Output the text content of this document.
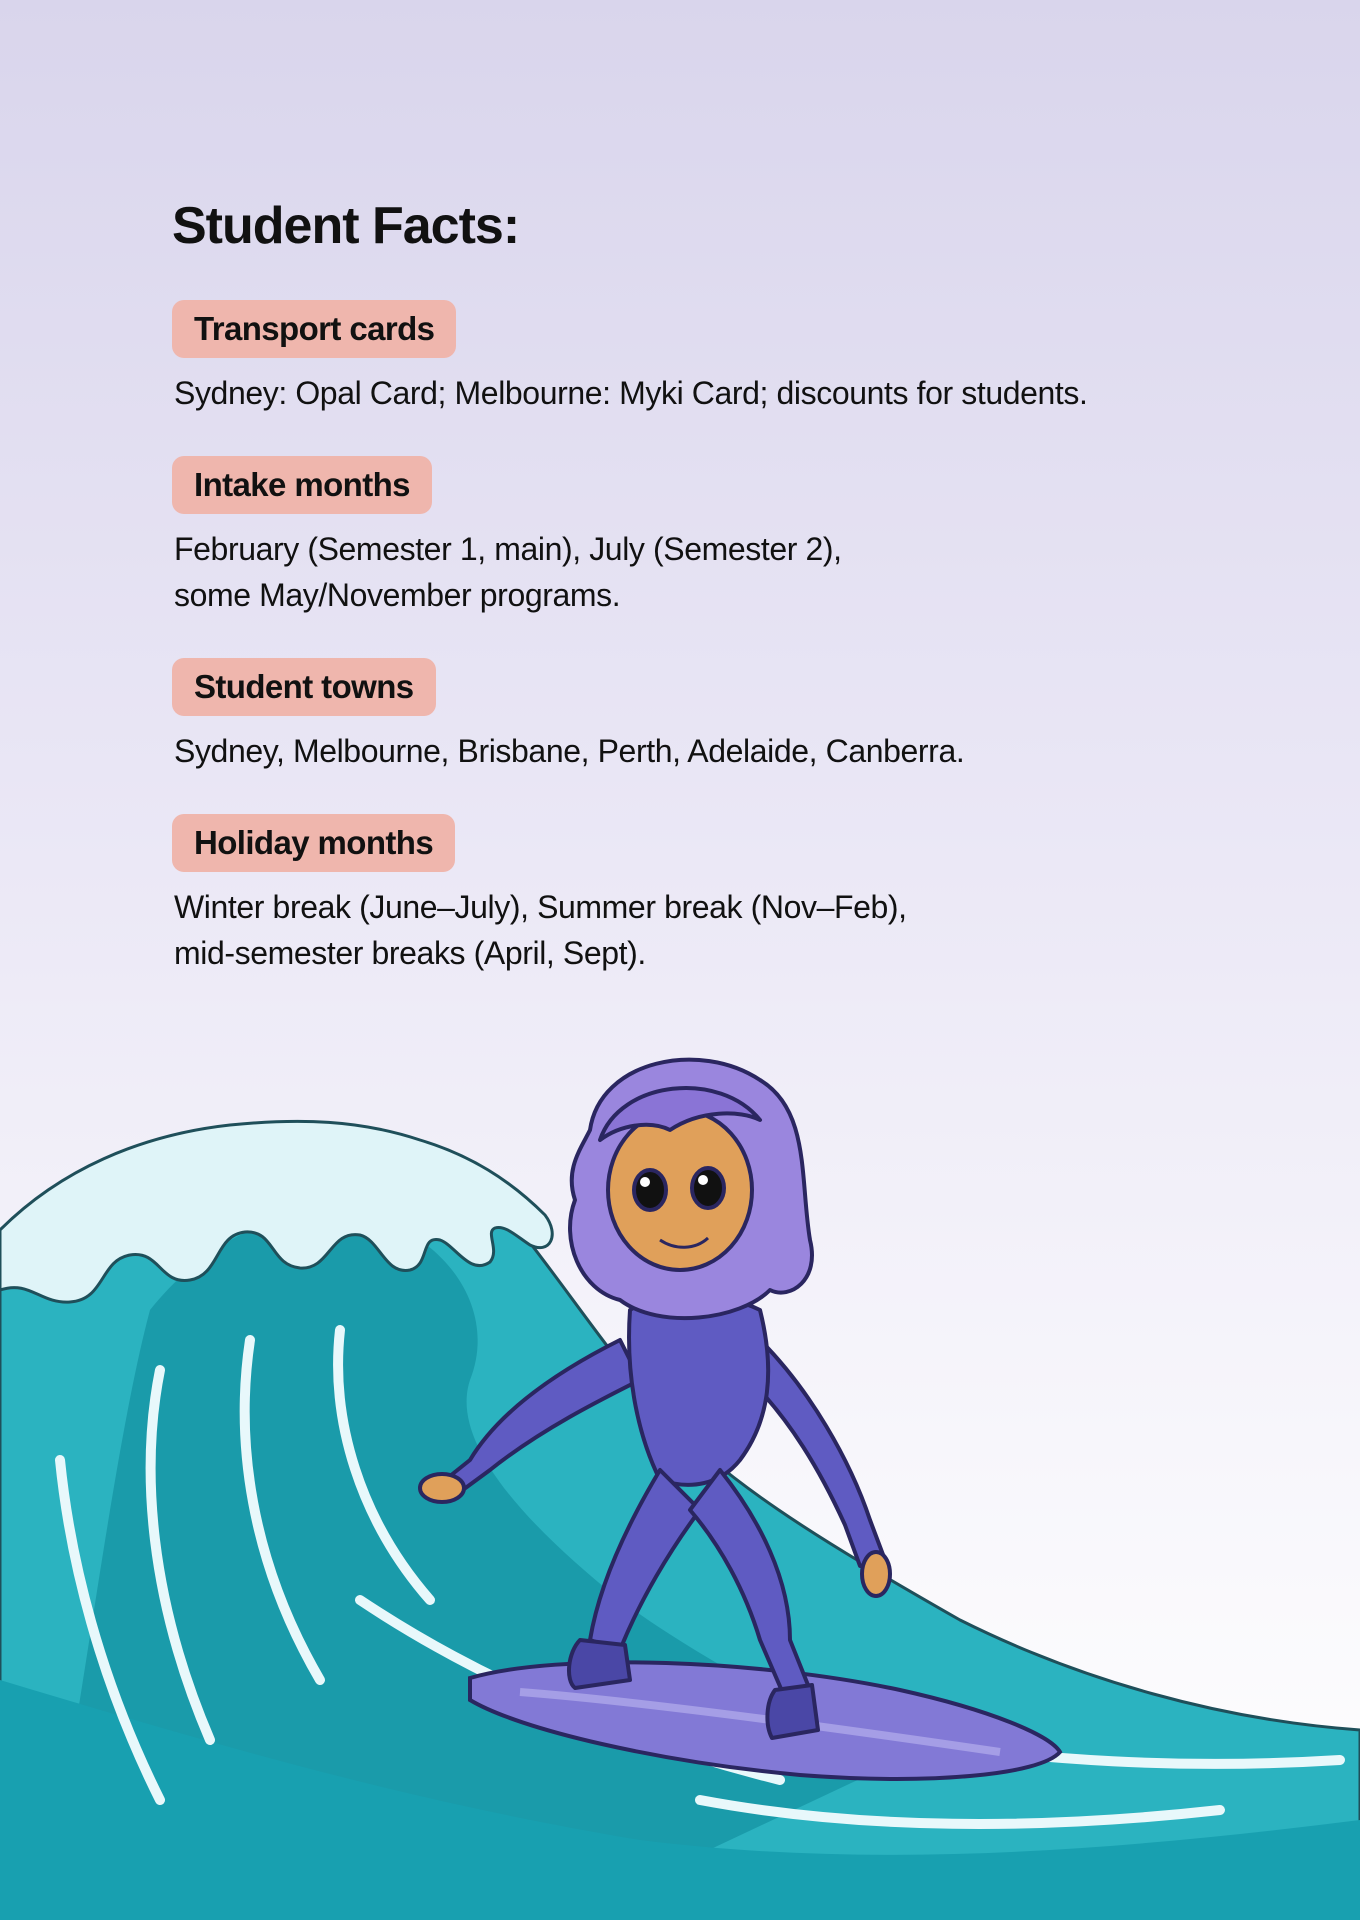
Student Facts:
Transport cards

Sydney: Opal Card; Melbourne: Myki Card; discounts for students.

Intake months

February (Semester 1, main), July (Semester 2),
some May/November programs.

Student towns

Sydney, Melbourne, Brisbane, Perth, Adelaide, Canberra.

Holiday months

Winter break (June–July), Summer break (Nov–Feb),
mid-semester breaks (April, Sept).
